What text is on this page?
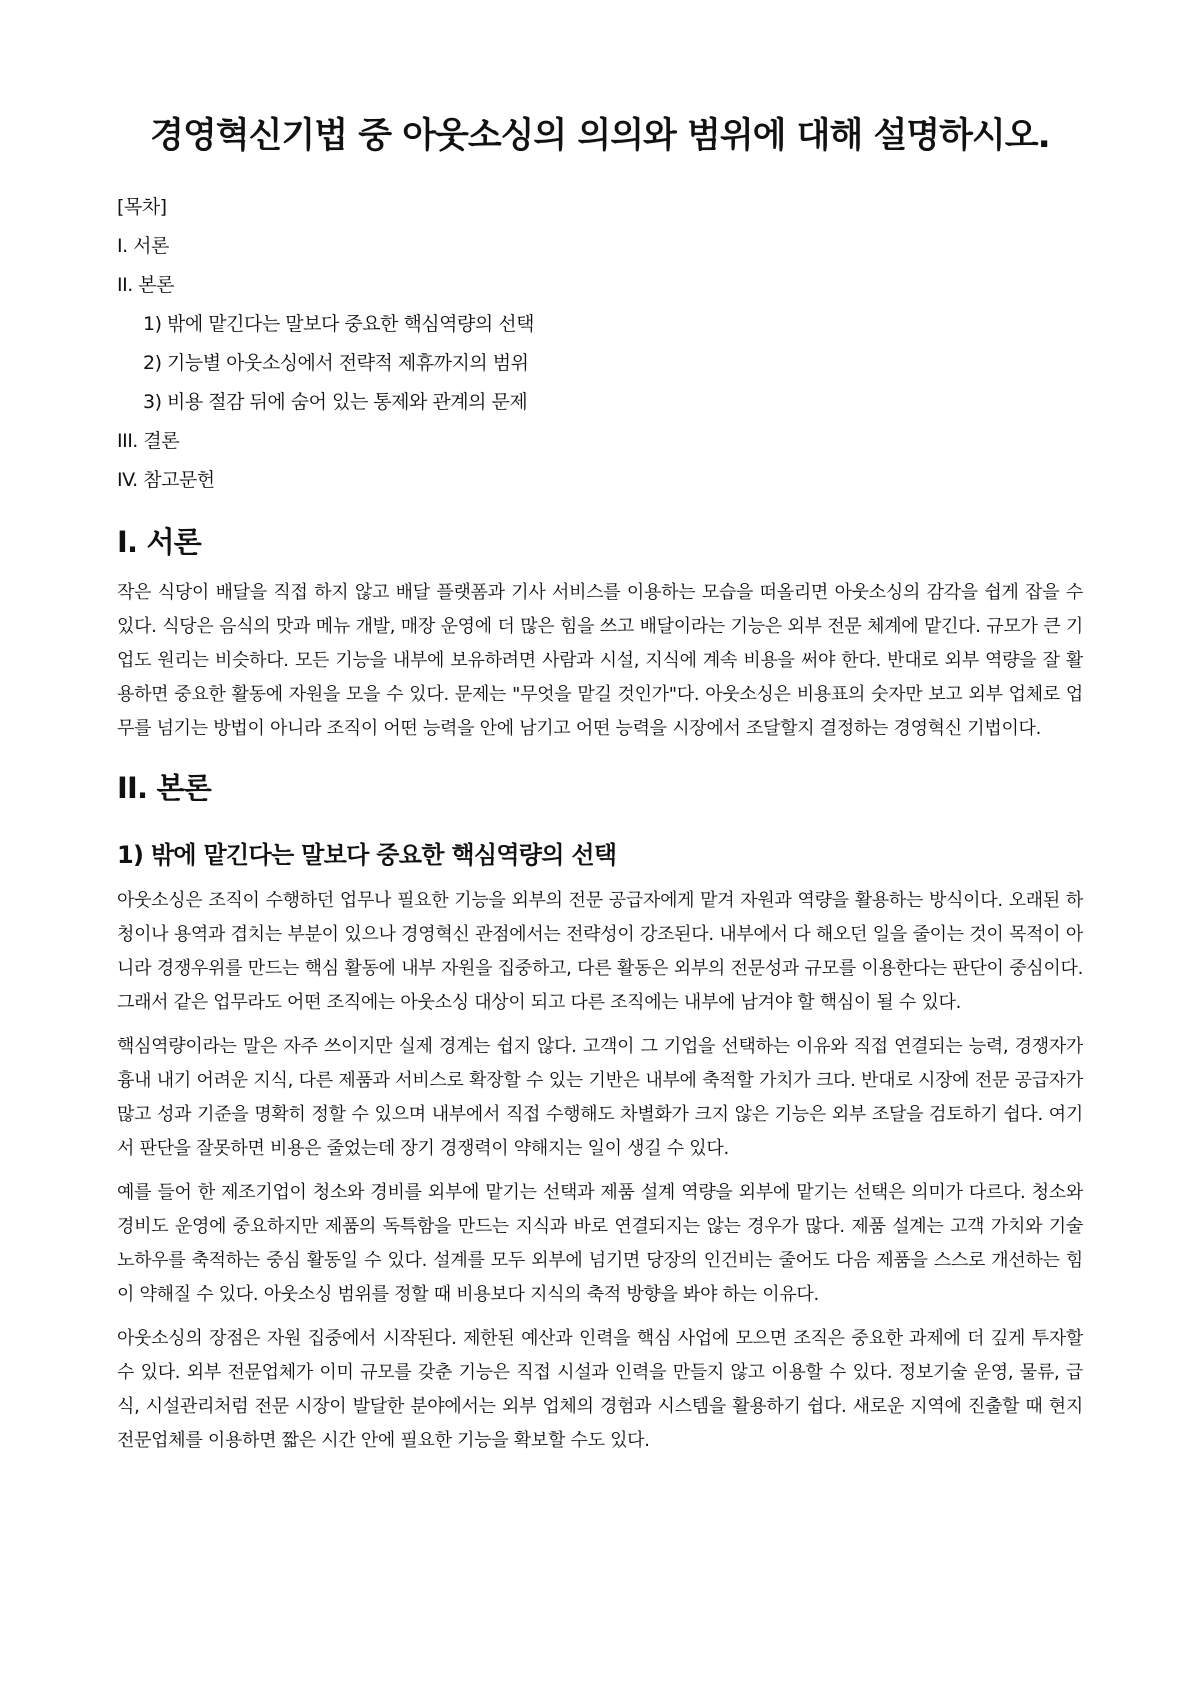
경영혁신기법 중 아웃소싱의 의의와 범위에 대해 설명하시오.
[목차]
I. 서론
II. 본론
1) 밖에 맡긴다는 말보다 중요한 핵심역량의 선택
2) 기능별 아웃소싱에서 전략적 제휴까지의 범위
3) 비용 절감 뒤에 숨어 있는 통제와 관계의 문제
III. 결론
IV. 참고문헌
I. 서론

작은 식당이 배달을 직접 하지 않고 배달 플랫폼과 기사 서비스를 이용하는 모습을 떠올리면 아웃소싱의 감각을 쉽게 잡을 수 있다. 식당은 음식의 맛과 메뉴 개발, 매장 운영에 더 많은 힘을 쓰고 배달이라는 기능은 외부 전문 체계에 맡긴다. 규모가 큰 기업도 원리는 비슷하다. 모든 기능을 내부에 보유하려면 사람과 시설, 지식에 계속 비용을 써야 한다. 반대로 외부 역량을 잘 활용하면 중요한 활동에 자원을 모을 수 있다. 문제는 "무엇을 맡길 것인가"다. 아웃소싱은 비용표의 숫자만 보고 외부 업체로 업무를 넘기는 방법이 아니라 조직이 어떤 능력을 안에 남기고 어떤 능력을 시장에서 조달할지 결정하는 경영혁신 기법이다.

II. 본론
1) 밖에 맡긴다는 말보다 중요한 핵심역량의 선택

아웃소싱은 조직이 수행하던 업무나 필요한 기능을 외부의 전문 공급자에게 맡겨 자원과 역량을 활용하는 방식이다. 오래된 하청이나 용역과 겹치는 부분이 있으나 경영혁신 관점에서는 전략성이 강조된다. 내부에서 다 해오던 일을 줄이는 것이 목적이 아니라 경쟁우위를 만드는 핵심 활동에 내부 자원을 집중하고, 다른 활동은 외부의 전문성과 규모를 이용한다는 판단이 중심이다. 그래서 같은 업무라도 어떤 조직에는 아웃소싱 대상이 되고 다른 조직에는 내부에 남겨야 할 핵심이 될 수 있다.

핵심역량이라는 말은 자주 쓰이지만 실제 경계는 쉽지 않다. 고객이 그 기업을 선택하는 이유와 직접 연결되는 능력, 경쟁자가 흉내 내기 어려운 지식, 다른 제품과 서비스로 확장할 수 있는 기반은 내부에 축적할 가치가 크다. 반대로 시장에 전문 공급자가 많고 성과 기준을 명확히 정할 수 있으며 내부에서 직접 수행해도 차별화가 크지 않은 기능은 외부 조달을 검토하기 쉽다. 여기서 판단을 잘못하면 비용은 줄었는데 장기 경쟁력이 약해지는 일이 생길 수 있다.

예를 들어 한 제조기업이 청소와 경비를 외부에 맡기는 선택과 제품 설계 역량을 외부에 맡기는 선택은 의미가 다르다. 청소와 경비도 운영에 중요하지만 제품의 독특함을 만드는 지식과 바로 연결되지는 않는 경우가 많다. 제품 설계는 고객 가치와 기술 노하우를 축적하는 중심 활동일 수 있다. 설계를 모두 외부에 넘기면 당장의 인건비는 줄어도 다음 제품을 스스로 개선하는 힘이 약해질 수 있다. 아웃소싱 범위를 정할 때 비용보다 지식의 축적 방향을 봐야 하는 이유다.

아웃소싱의 장점은 자원 집중에서 시작된다. 제한된 예산과 인력을 핵심 사업에 모으면 조직은 중요한 과제에 더 깊게 투자할 수 있다. 외부 전문업체가 이미 규모를 갖춘 기능은 직접 시설과 인력을 만들지 않고 이용할 수 있다. 정보기술 운영, 물류, 급식, 시설관리처럼 전문 시장이 발달한 분야에서는 외부 업체의 경험과 시스템을 활용하기 쉽다. 새로운 지역에 진출할 때 현지 전문업체를 이용하면 짧은 시간 안에 필요한 기능을 확보할 수도 있다.
